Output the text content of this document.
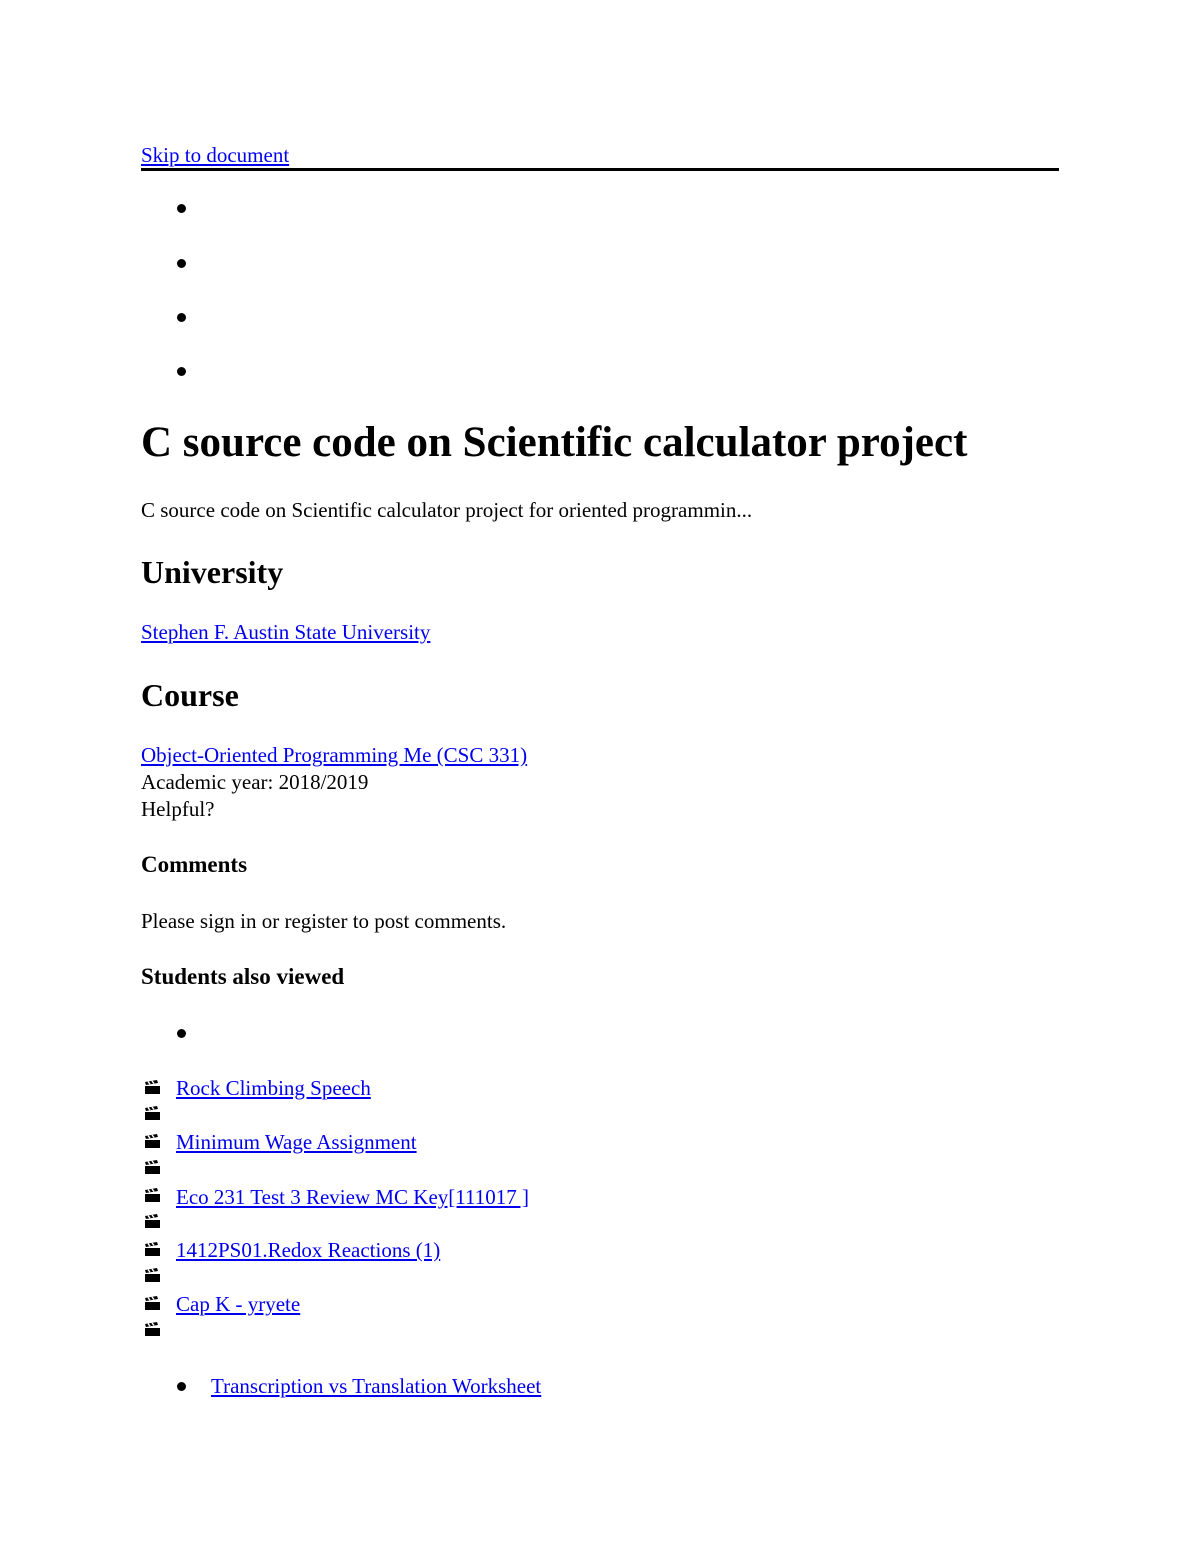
Skip to document
C source code on Scientific calculator project
C source code on Scientific calculator project for oriented programmin...
University
Stephen F. Austin State University
Course
Object-Oriented Programming Me (CSC 331)
Academic year: 2018/2019
Helpful?
Comments
Please sign in or register to post comments.
Students also viewed
Rock Climbing Speech
Minimum Wage Assignment
Eco 231 Test 3 Review MC Key[111017 ]
1412PS01.Redox Reactions (1)
Cap K - yryete
Transcription vs Translation Worksheet
